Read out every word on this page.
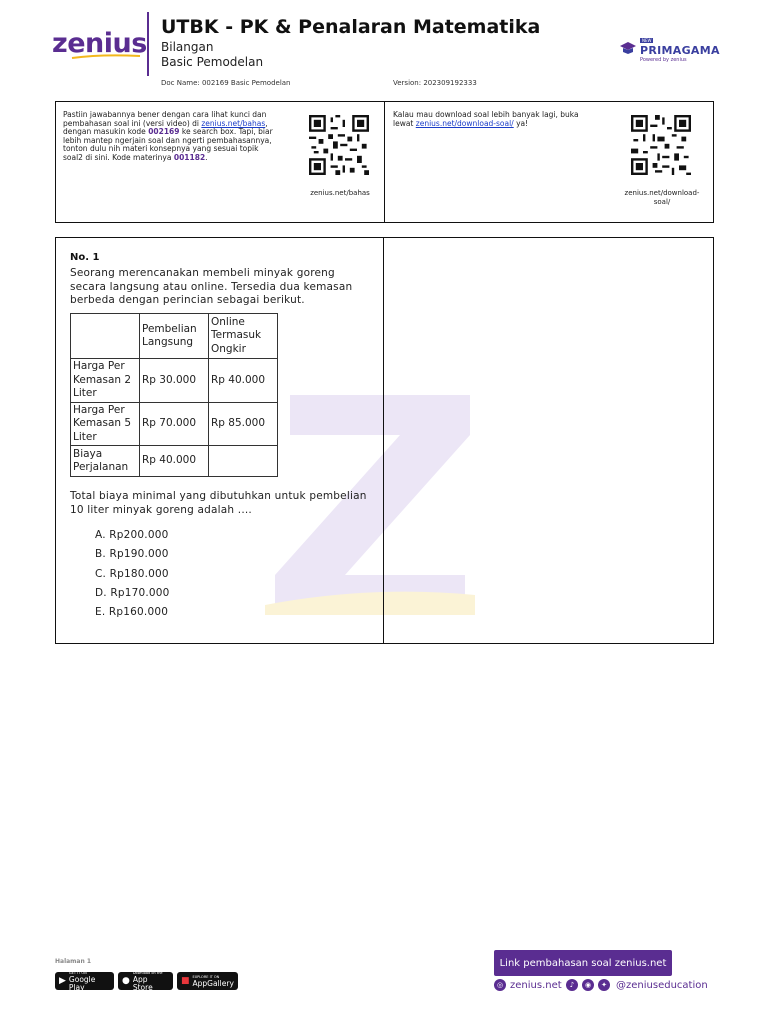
zenius
UTBK - PK & Penalaran Matematika
Bilangan
Basic Pemodelan
Doc Name: 002169 Basic Pemodelan	Version: 202309192333
NEW
PRIMAGAMA
Powered by zenius
Pastiin jawabannya bener dengan cara lihat kunci dan
pembahasan soal ini (versi video) di zenius.net/bahas,
dengan masukin kode 002169 ke search box. Tapi, biar
lebih mantep ngerjain soal dan ngerti pembahasannya,
tonton dulu nih materi konsepnya yang sesuai topik
soal2 di sini. Kode materinya 001182.
zenius.net/bahas
Kalau mau download soal lebih banyak lagi, buka
lewat zenius.net/download-soal/ ya!
zenius.net/download-
soal/
No. 1
Seorang merencanakan membeli minyak goreng
secara langsung atau online. Tersedia dua kemasan
berbeda dengan perincian sebagai berikut.
	Pembelian Langsung	Online Termasuk Ongkir
Harga Per Kemasan 2 Liter	Rp 30.000	Rp 40.000
Harga Per Kemasan 5 Liter	Rp 70.000	Rp 85.000
Biaya Perjalanan	Rp 40.000	
Total biaya minimal yang dibutuhkan untuk pembelian
10 liter minyak goreng adalah ....
A. Rp200.000
B. Rp190.000
C. Rp180.000
D. Rp170.000
E. Rp160.000
Halaman 1
▶
GET IT ON
Google Play
●
Download on the
App Store
■ EXPLORE IT ON
AppGallery
Link pembahasan soal zenius.net
◎ zenius.net	♪	◉	✦ @zeniuseducation
